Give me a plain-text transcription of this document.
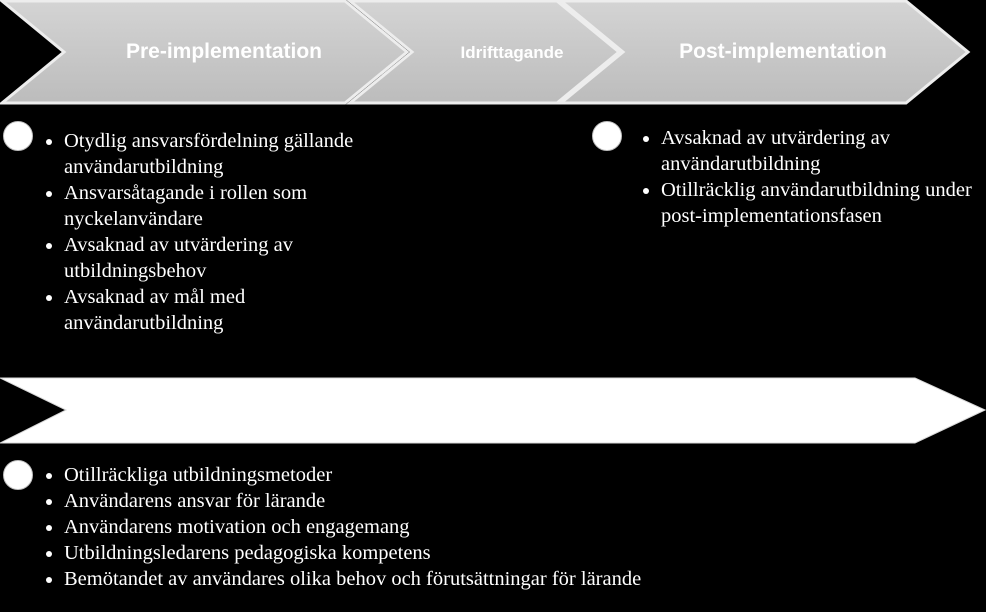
Pre-implementation	Idrifttagande	Post-implementation
• Otydlig ansvarsfördelning gällande användarutbildning
• Ansvarsåtagande i rollen som nyckelanvändare
• Avsaknad av utvärdering av utbildningsbehov
• Avsaknad av mål med användarutbildning
• Avsaknad av utvärdering av användarutbildning
• Otillräcklig användarutbildning under post-implementationsfasen
• Otillräckliga utbildningsmetoder
• Användarens ansvar för lärande
• Användarens motivation och engagemang
• Utbildningsledarens pedagogiska kompetens
• Bemötandet av användares olika behov och förutsättningar för lärande
